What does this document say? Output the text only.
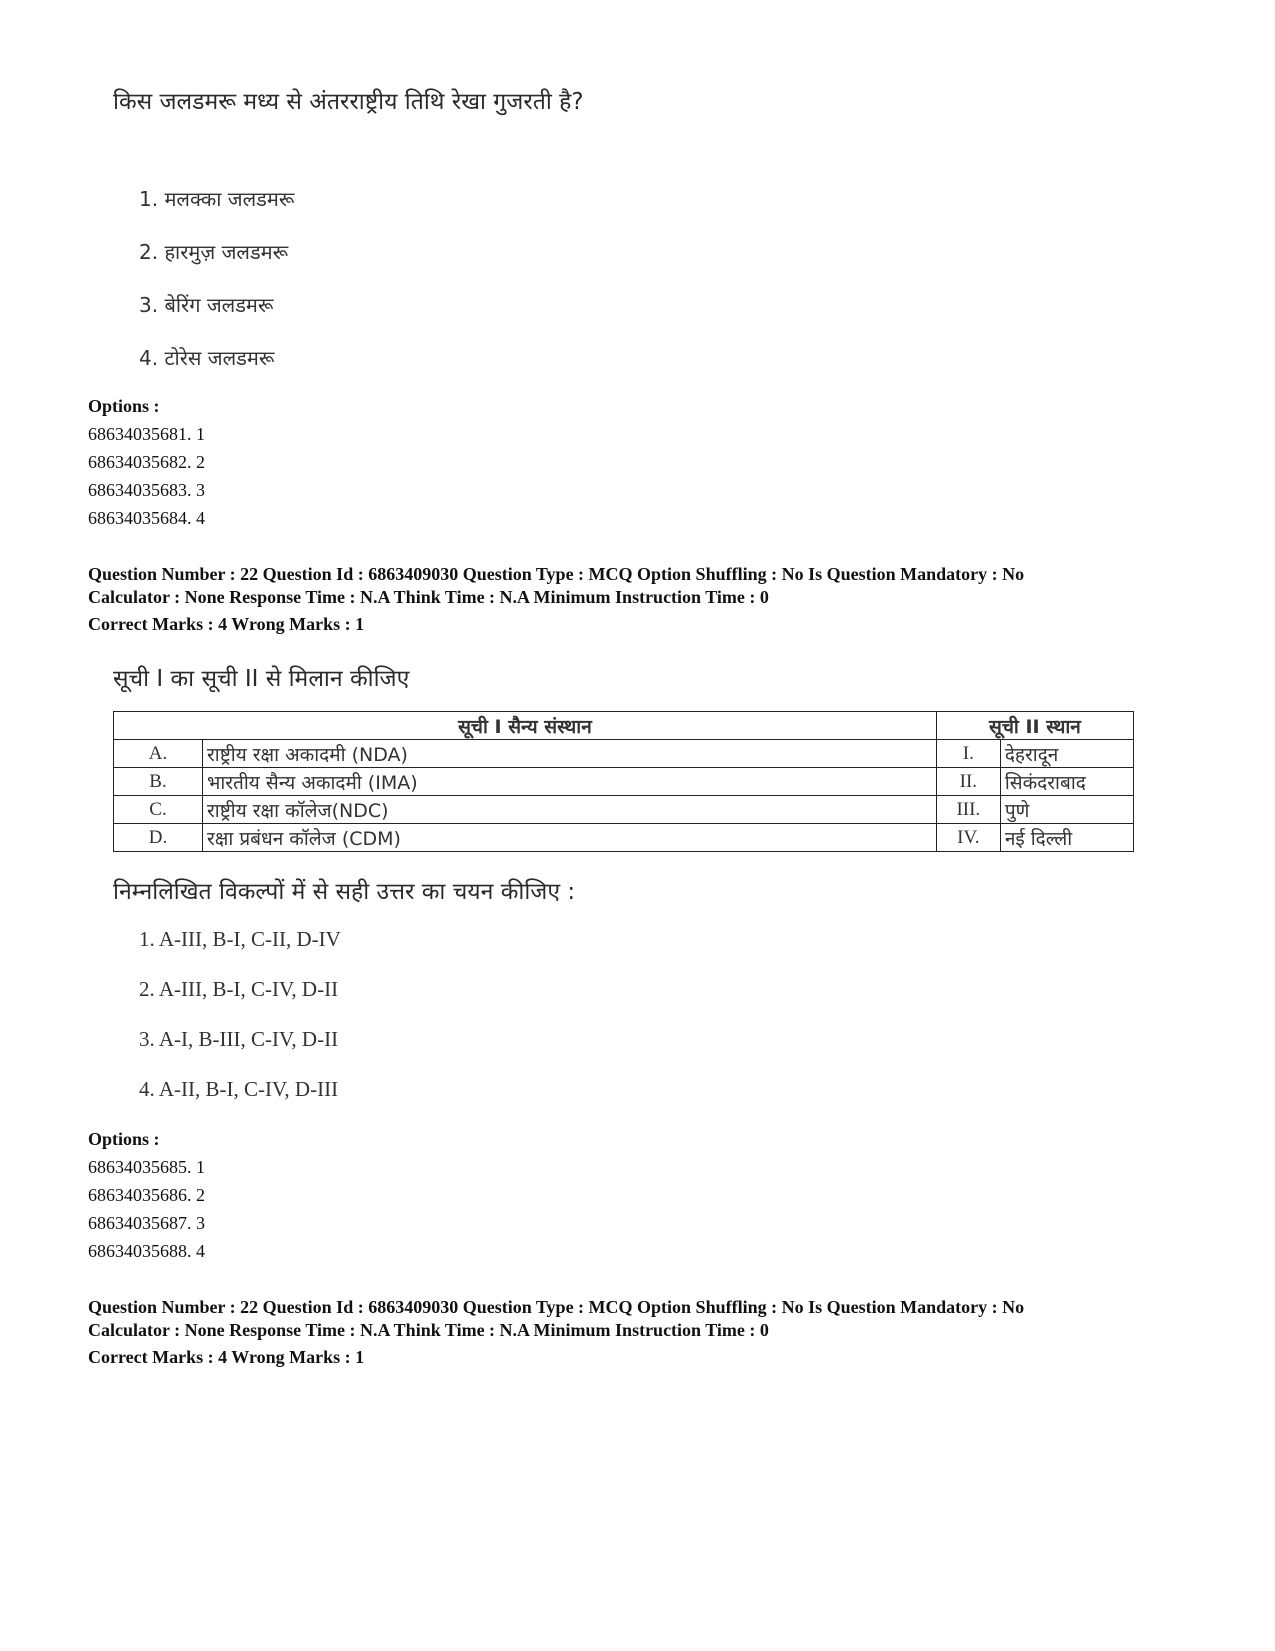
किस जलडमरू मध्य से अंतरराष्ट्रीय तिथि रेखा गुजरती है?
1. मलक्का जलडमरू
2. हारमुज़ जलडमरू
3. बेरिंग जलडमरू
4. टोरेस जलडमरू
Options :
68634035681. 1
68634035682. 2
68634035683. 3
68634035684. 4
Question Number : 22 Question Id : 6863409030 Question Type : MCQ Option Shuffling : No Is Question Mandatory : No
Calculator : None Response Time : N.A Think Time : N.A Minimum Instruction Time : 0
Correct Marks : 4 Wrong Marks : 1
सूची I का सूची II से मिलान कीजिए
सूची I सैन्य संस्थान		सूची II स्थान	
A.	राष्ट्रीय रक्षा अकादमी (NDA)	I.	देहरादून
B.	भारतीय सैन्य अकादमी (IMA)	II.	सिकंदराबाद
C.	राष्ट्रीय रक्षा कॉलेज(NDC)	III.	पुणे
D.	रक्षा प्रबंधन कॉलेज (CDM)	IV.	नई दिल्ली
निम्नलिखित विकल्पों में से सही उत्तर का चयन कीजिए :
1. A-III, B-I, C-II, D-IV
2. A-III, B-I, C-IV, D-II
3. A-I, B-III, C-IV, D-II
4. A-II, B-I, C-IV, D-III
Options :
68634035685. 1
68634035686. 2
68634035687. 3
68634035688. 4
Question Number : 22 Question Id : 6863409030 Question Type : MCQ Option Shuffling : No Is Question Mandatory : No
Calculator : None Response Time : N.A Think Time : N.A Minimum Instruction Time : 0
Correct Marks : 4 Wrong Marks : 1
